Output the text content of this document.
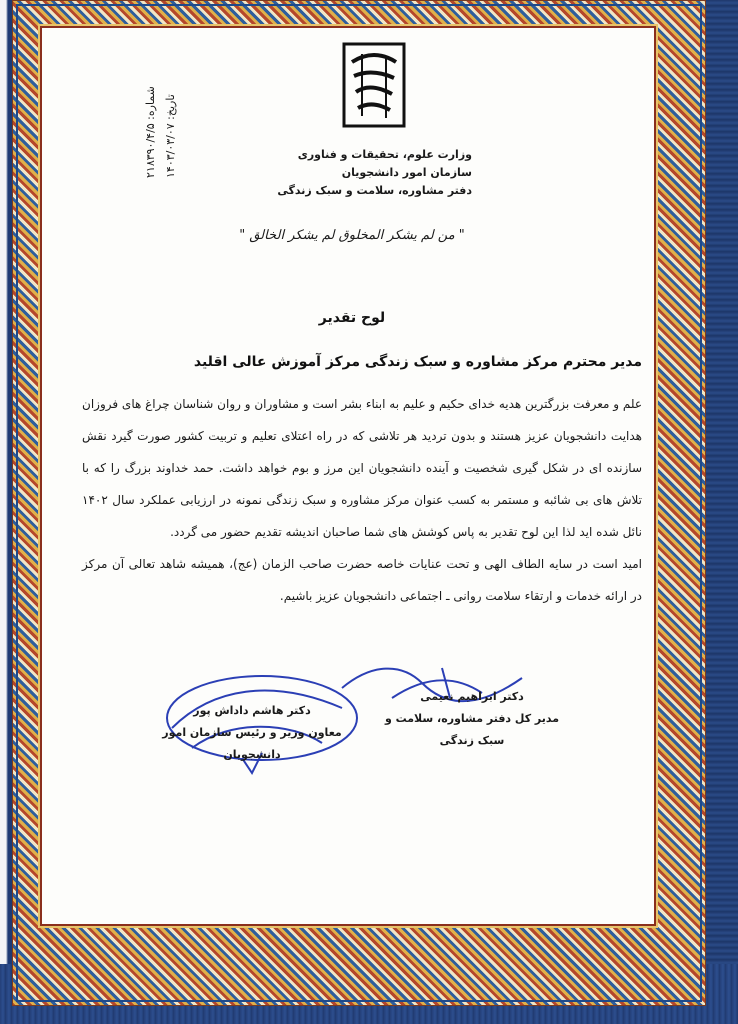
شماره: ۲۱۸۳۹۰/۴/۵
تاریخ: ۱۴۰۳/۰۳/۰۷
وزارت علوم، تحقیقات و فناوری
سازمان امور دانشجویان
دفتر مشاوره، سلامت و سبک زندگی
" من لم یشکر المخلوق لم یشکر الخالق "
لوح تقدیر
مدیر محترم مرکز مشاوره و سبک زندگی مرکز آموزش عالی اقلید

علم و معرفت بزرگترین هدیه خدای حکیم و علیم به ابناء بشر است و مشاوران و روان شناسان چراغ های فروزان هدایت دانشجویان عزیز هستند و بدون تردید هر تلاشی که در راه اعتلای تعلیم و تربیت کشور صورت گیرد نقش سازنده ای در شکل گیری شخصیت و آینده دانشجویان این مرز و بوم خواهد داشت. حمد خداوند بزرگ را که با تلاش های بی شائبه و مستمر به کسب عنوان مرکز مشاوره و سبک زندگی نمونه در ارزیابی عملکرد سال ۱۴۰۲ نائل شده اید لذا این لوح تقدیر به پاس کوشش های شما صاحبان اندیشه تقدیم حضور می گردد.

امید است در سایه الطاف الهی و تحت عنایات خاصه حضرت صاحب الزمان (عج)، همیشه شاهد تعالی آن مرکز در ارائه خدمات و ارتقاء سلامت روانی ـ اجتماعی دانشجویان عزیز باشیم.

دکتر ابراهیم نعیمی
مدیر کل دفتر مشاوره، سلامت و سبک زندگی
دکتر هاشم داداش پور
معاون وزیر و رئیس سازمان امور دانشجویان
